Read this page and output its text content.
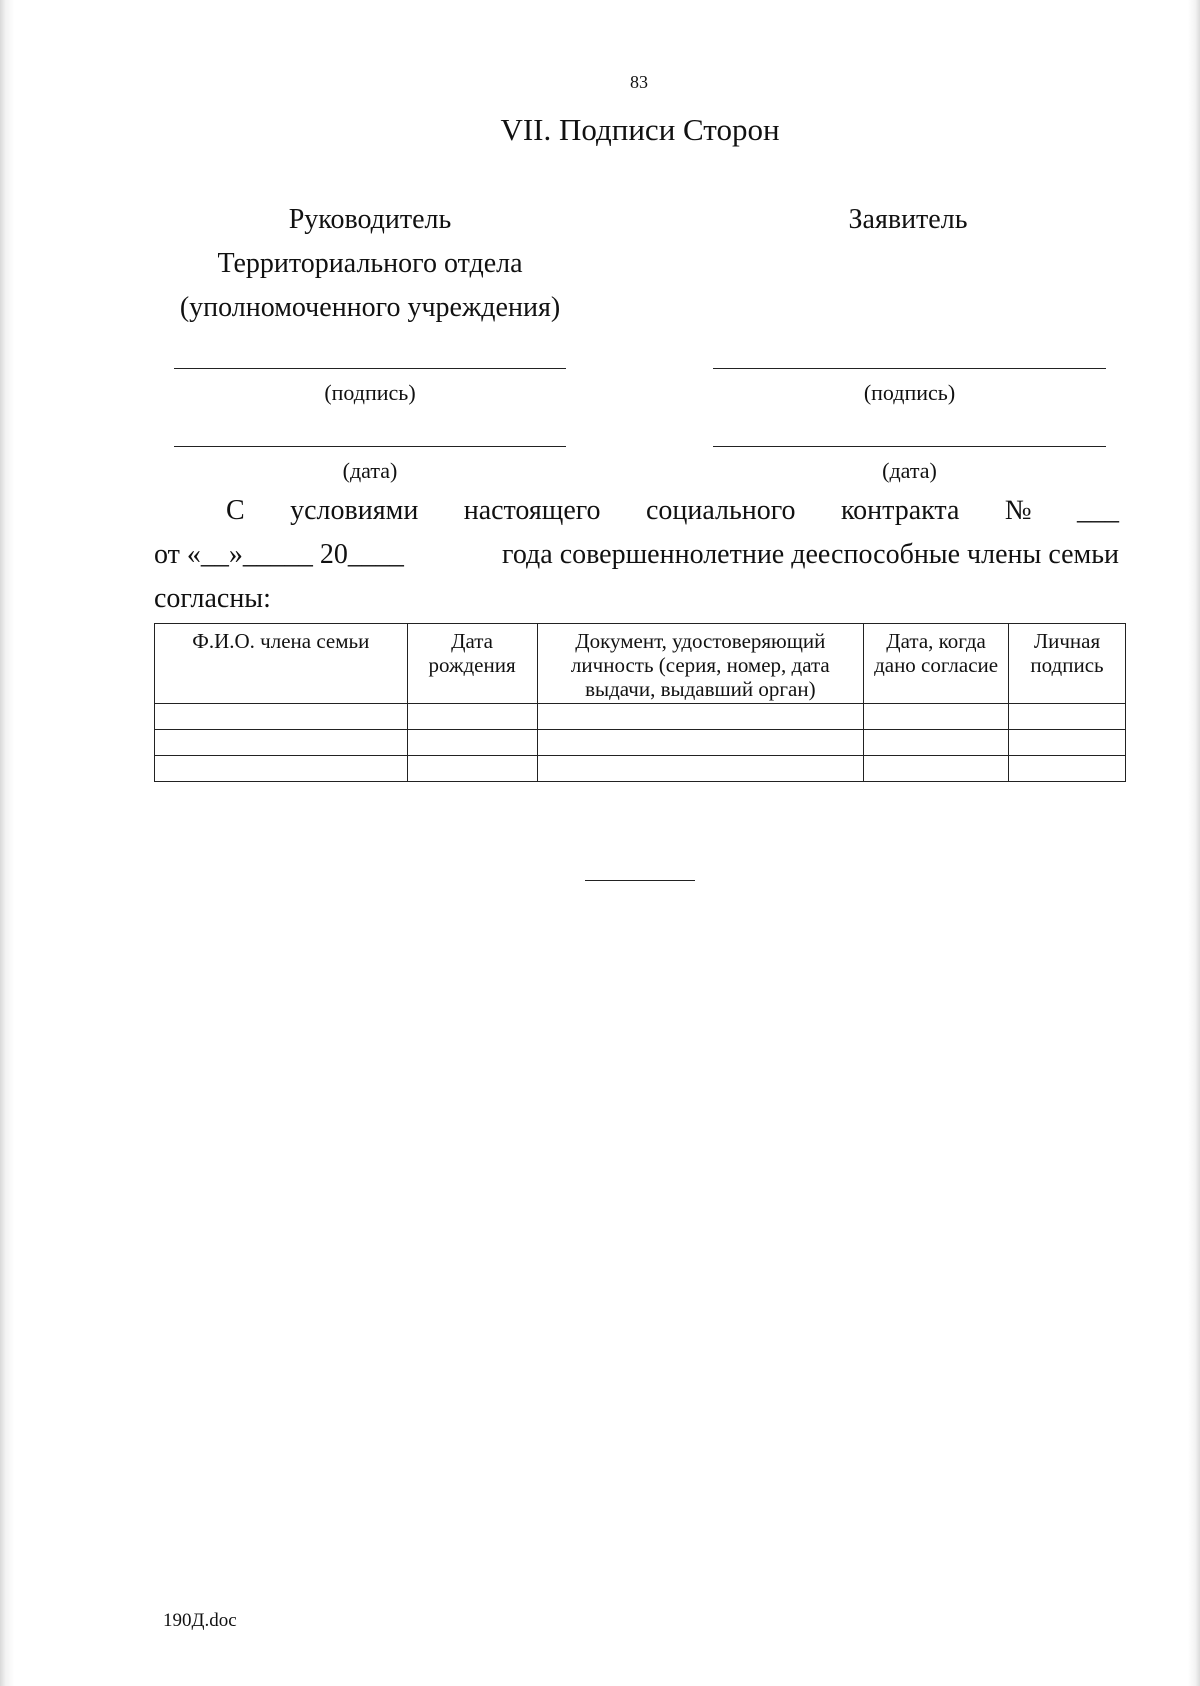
83
VII. Подписи Сторон
Руководитель
Территориального отдела
(уполномоченного учреждения)
Заявитель
(подпись)	(подпись)
(дата)	(дата)
С условиями настоящего социального контракта № ___
от «__»_____ 20____	года совершеннолетние дееспособные члены семьи
согласны:
Ф.И.О. члена семьи	Дата рождения	Документ, удостоверяющий личность (серия, номер, дата выдачи, выдавший орган)	Дата, когда дано согласие	Личная подпись

190Д.doc
